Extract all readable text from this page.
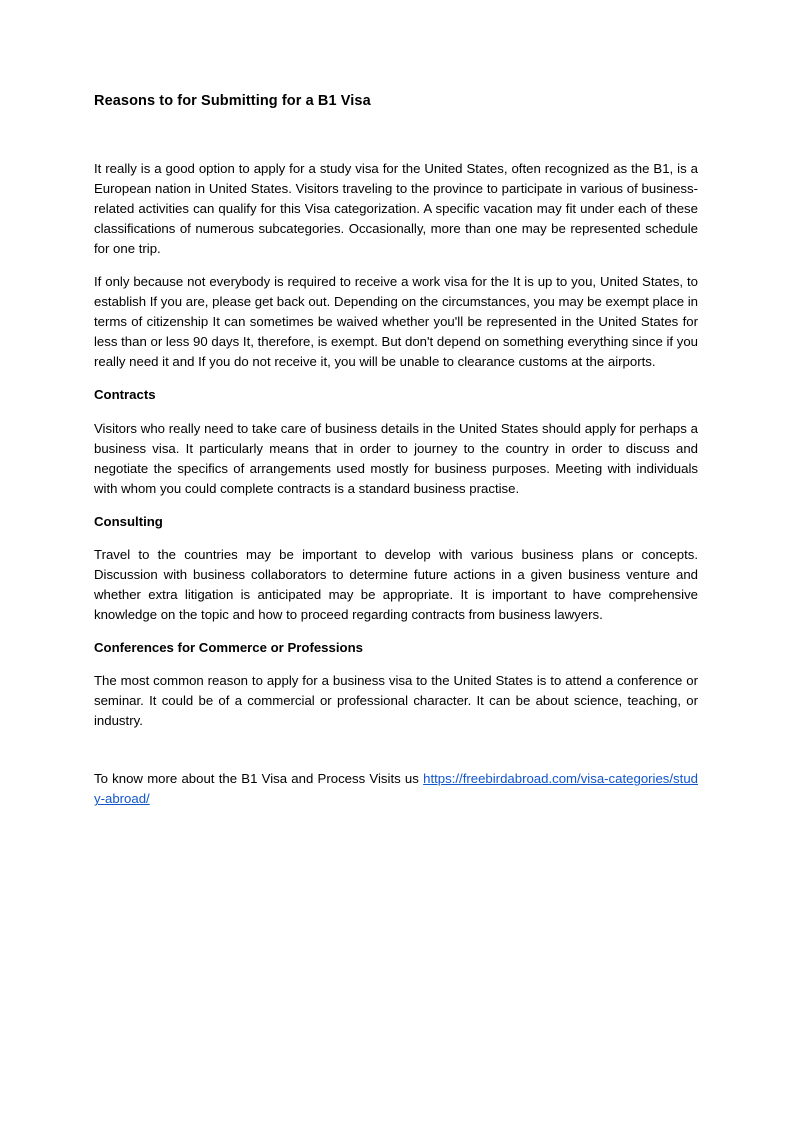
Reasons to for Submitting for a B1 Visa

It really is a good option to apply for a study visa for the United States, often recognized as the B1, is a European nation in United States. Visitors traveling to the province to participate in various of business-related activities can qualify for this Visa categorization. A specific vacation may fit under each of these classifications of numerous subcategories. Occasionally, more than one may be represented schedule for one trip.

If only because not everybody is required to receive a work visa for the It is up to you, United States, to establish If you are, please get back out. Depending on the circumstances, you may be exempt place in terms of citizenship It can sometimes be waived whether you'll be represented in the United States for less than or less 90 days It, therefore, is exempt. But don't depend on something everything since if you really need it and If you do not receive it, you will be unable to clearance customs at the airports.

Contracts

Visitors who really need to take care of business details in the United States should apply for perhaps a business visa. It particularly means that in order to journey to the country in order to discuss and negotiate the specifics of arrangements used mostly for business purposes. Meeting with individuals with whom you could complete contracts is a standard business practise.

Consulting

Travel to the countries may be important to develop with various business plans or concepts. Discussion with business collaborators to determine future actions in a given business venture and whether extra litigation is anticipated may be appropriate. It is important to have comprehensive knowledge on the topic and how to proceed regarding contracts from business lawyers.

Conferences for Commerce or Professions

The most common reason to apply for a business visa to the United States is to attend a conference or seminar. It could be of a commercial or professional character. It can be about science, teaching, or industry.

To know more about the B1 Visa and Process Visits us https://freebirdabroad.com/visa-categories/study-abroad/
